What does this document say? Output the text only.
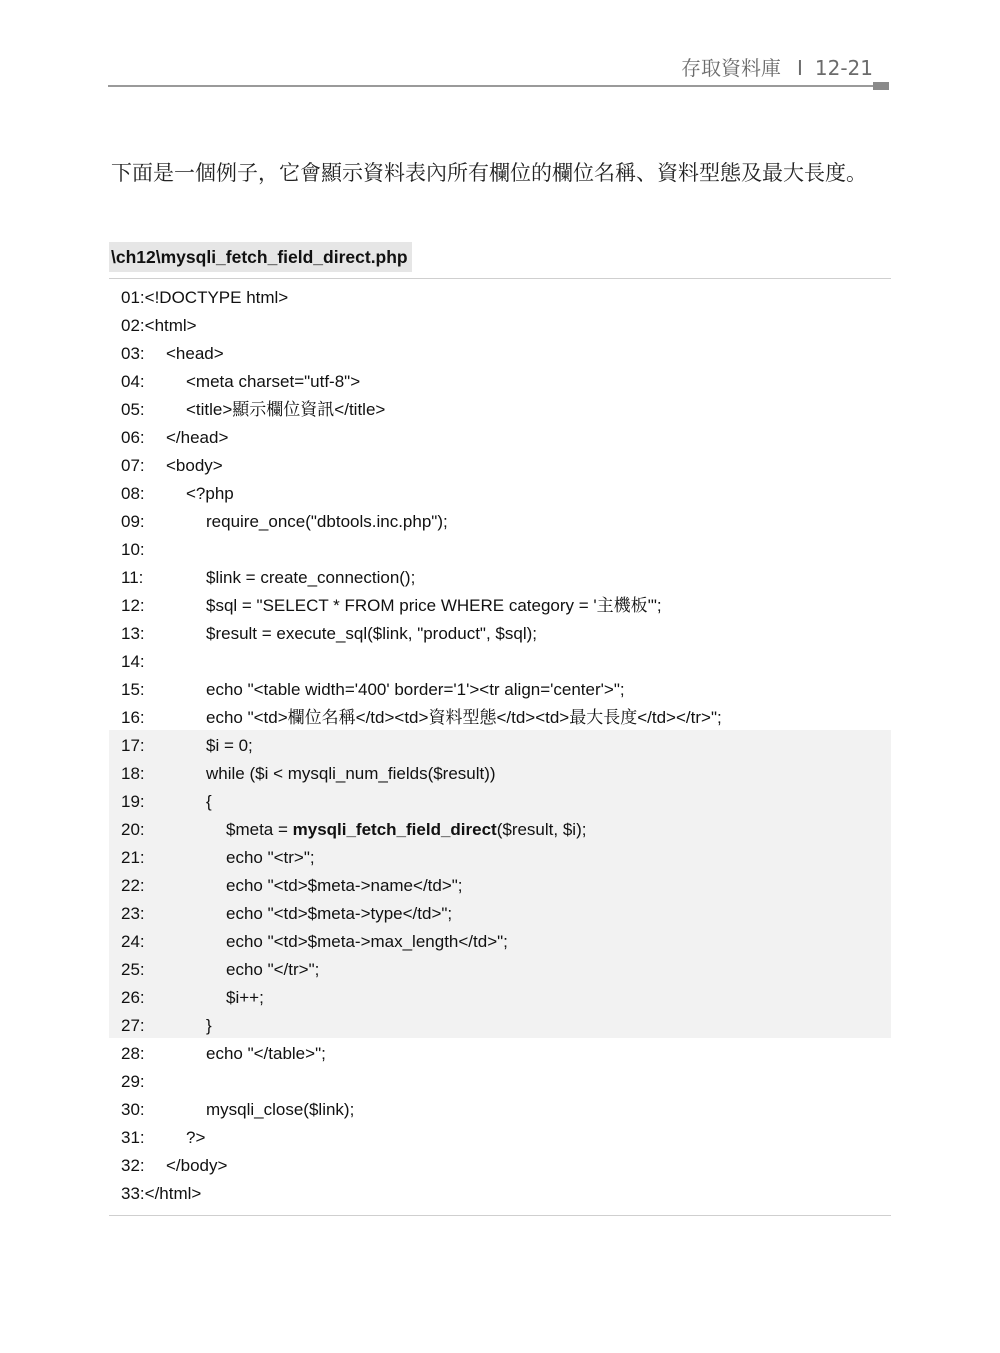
存取資料庫 I 12-21
下面是一個例子，它會顯示資料表內所有欄位的欄位名稱、資料型態及最大長度。
\ch12\mysqli_fetch_field_direct.php
01:<!DOCTYPE html>
02:<html>
03: <head>
04: <meta charset="utf-8">
05: <title>顯示欄位資訊</title>
06: </head>
07: <body>
08: <?php
09:	require_once("dbtools.inc.php");
10:
11:	$link = create_connection();
12:	$sql = "SELECT * FROM price WHERE category = '主機板'";
13:	$result = execute_sql($link, "product", $sql);
14:
15:	echo "<table width='400' border='1'><tr align='center'>";
16:	echo "<td>欄位名稱</td><td>資料型態</td><td>最大長度</td></tr>";
17:	$i = 0;
18:	while ($i < mysqli_num_fields($result))
19:	{
20:	$meta = mysqli_fetch_field_direct($result, $i);
21:	echo "<tr>";
22:	echo "<td>$meta->name</td>";
23:	echo "<td>$meta->type</td>";
24:	echo "<td>$meta->max_length</td>";
25:	echo "</tr>";
26:	$i++;
27:	}
28:	echo "</table>";
29:
30:	mysqli_close($link);
31: ?>
32: </body>
33:</html>
